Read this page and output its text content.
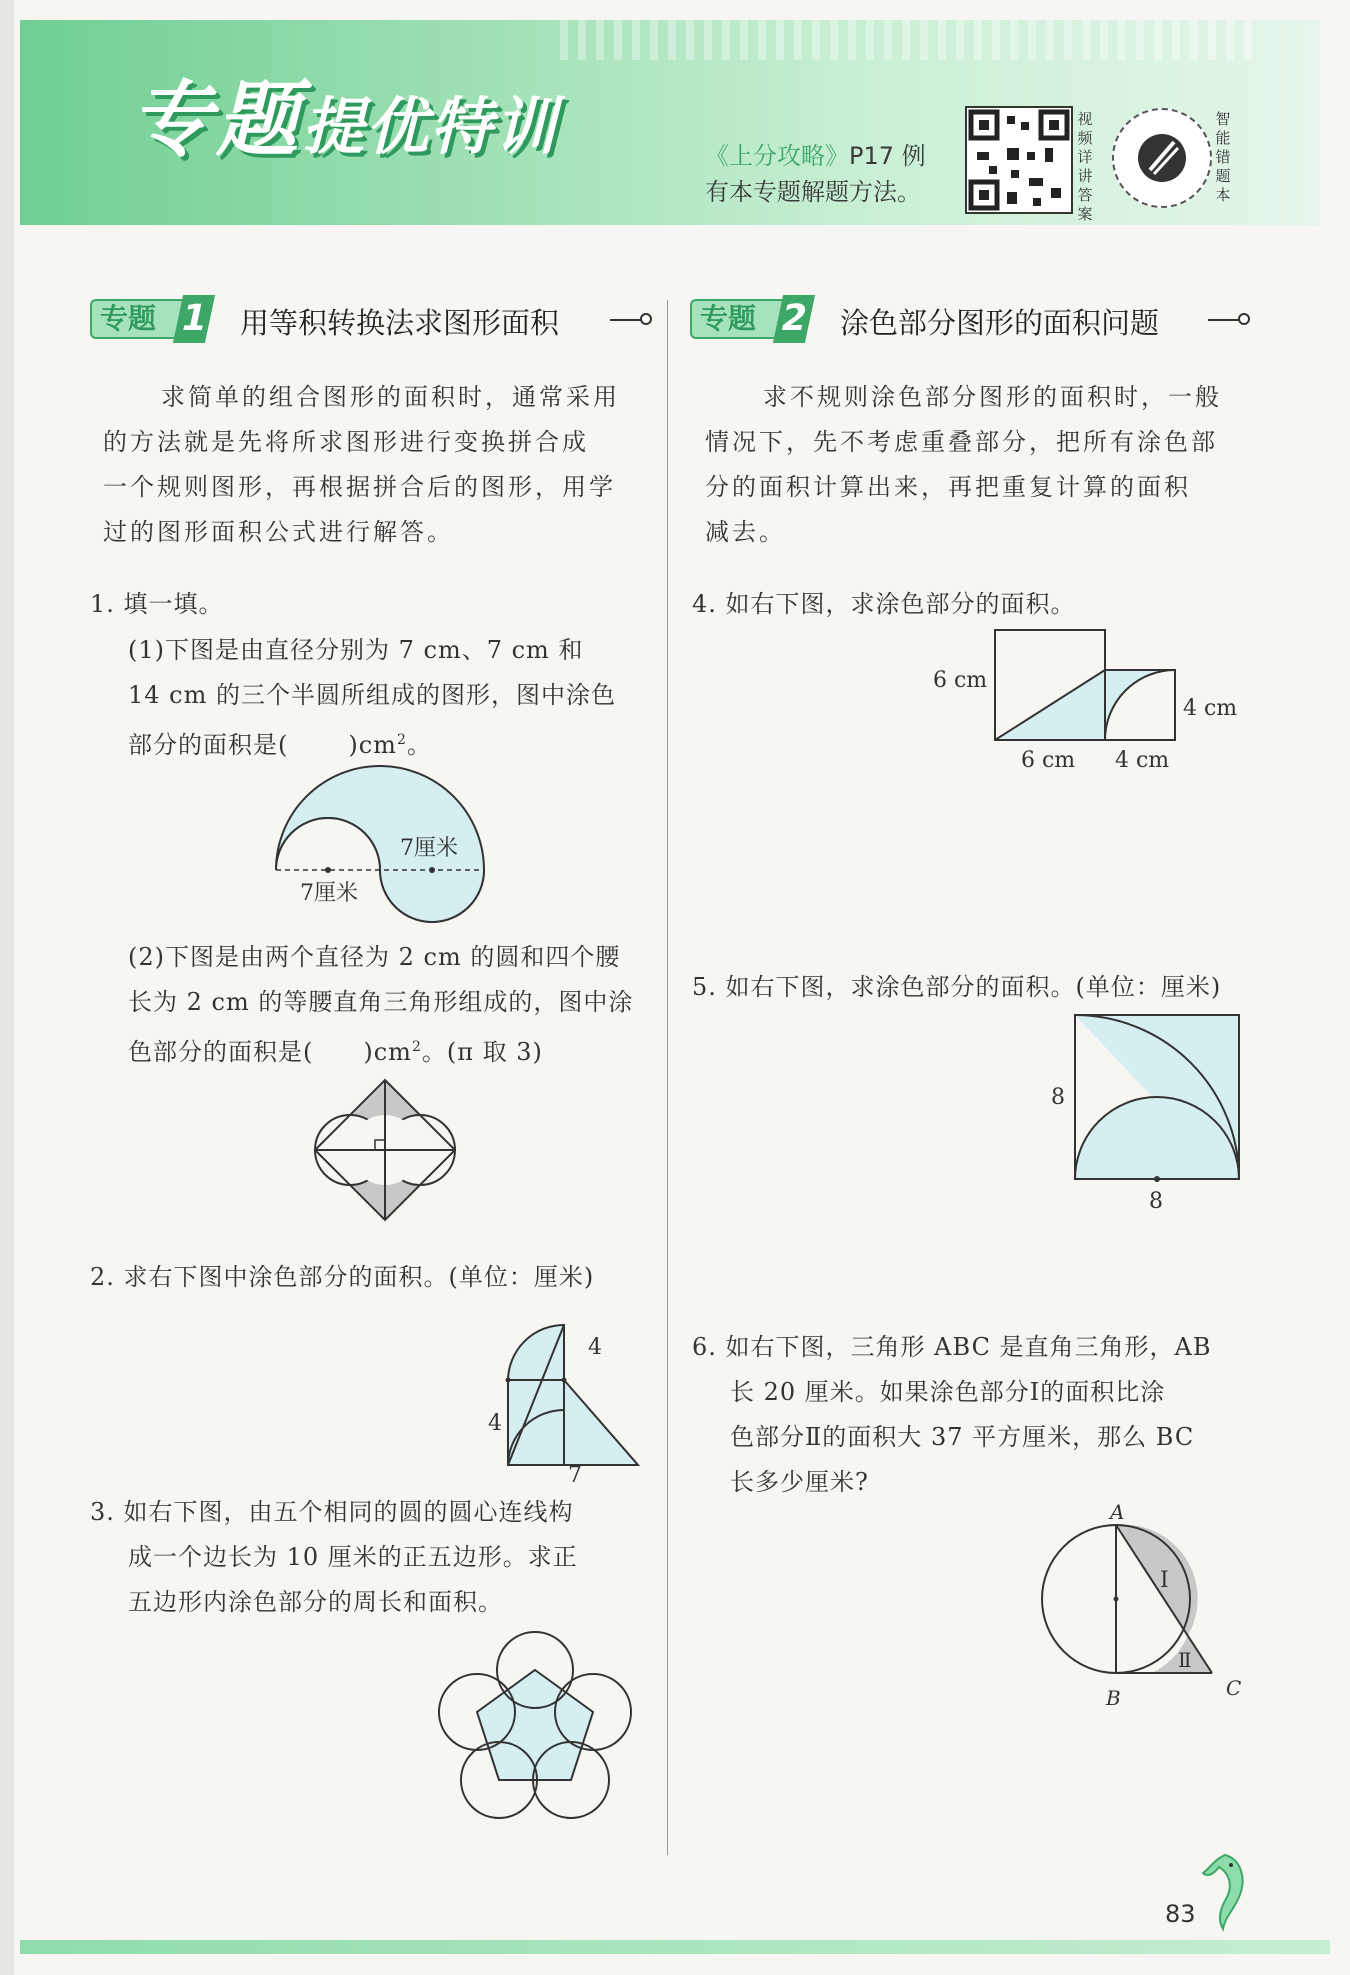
专题提优特训	《上分攻略》P17 例
有本专题解题方法。
视频详讲答案
智能错题本
专题 1 用等积转换法求图形面积
求简单的组合图形的面积时，通常采用
的方法就是先将所求图形进行变换拼合成
一个规则图形，再根据拼合后的图形，用学
过的图形面积公式进行解答。
1. 填一填。
(1)下图是由直径分别为 7 cm、7 cm 和
14 cm 的三个半圆所组成的图形，图中涂色
部分的面积是(	)$cm^2$。
7厘米
7厘米
(2)下图是由两个直径为 2 cm 的圆和四个腰
长为 2 cm 的等腰直角三角形组成的，图中涂
色部分的面积是( )$cm^2$。(π 取 3)
2. 求右下图中涂色部分的面积。(单位：厘米)
4
4
7
3. 如右下图，由五个相同的圆的圆心连线构
成一个边长为 10 厘米的正五边形。求正
五边形内涂色部分的周长和面积。
专题 2 涂色部分图形的面积问题
求不规则涂色部分图形的面积时，一般
情况下，先不考虑重叠部分，把所有涂色部
分的面积计算出来，再把重复计算的面积
减去。
4. 如右下图，求涂色部分的面积。
6 cm
4 cm
6 cm 4 cm
5. 如右下图，求涂色部分的面积。(单位：厘米)
8
8
6. 如右下图，三角形 ABC 是直角三角形，AB
长 20 厘米。如果涂色部分Ⅰ的面积比涂
色部分Ⅱ的面积大 37 平方厘米，那么 BC
长多少厘米?
A
B	C
Ⅰ
Ⅱ
83
